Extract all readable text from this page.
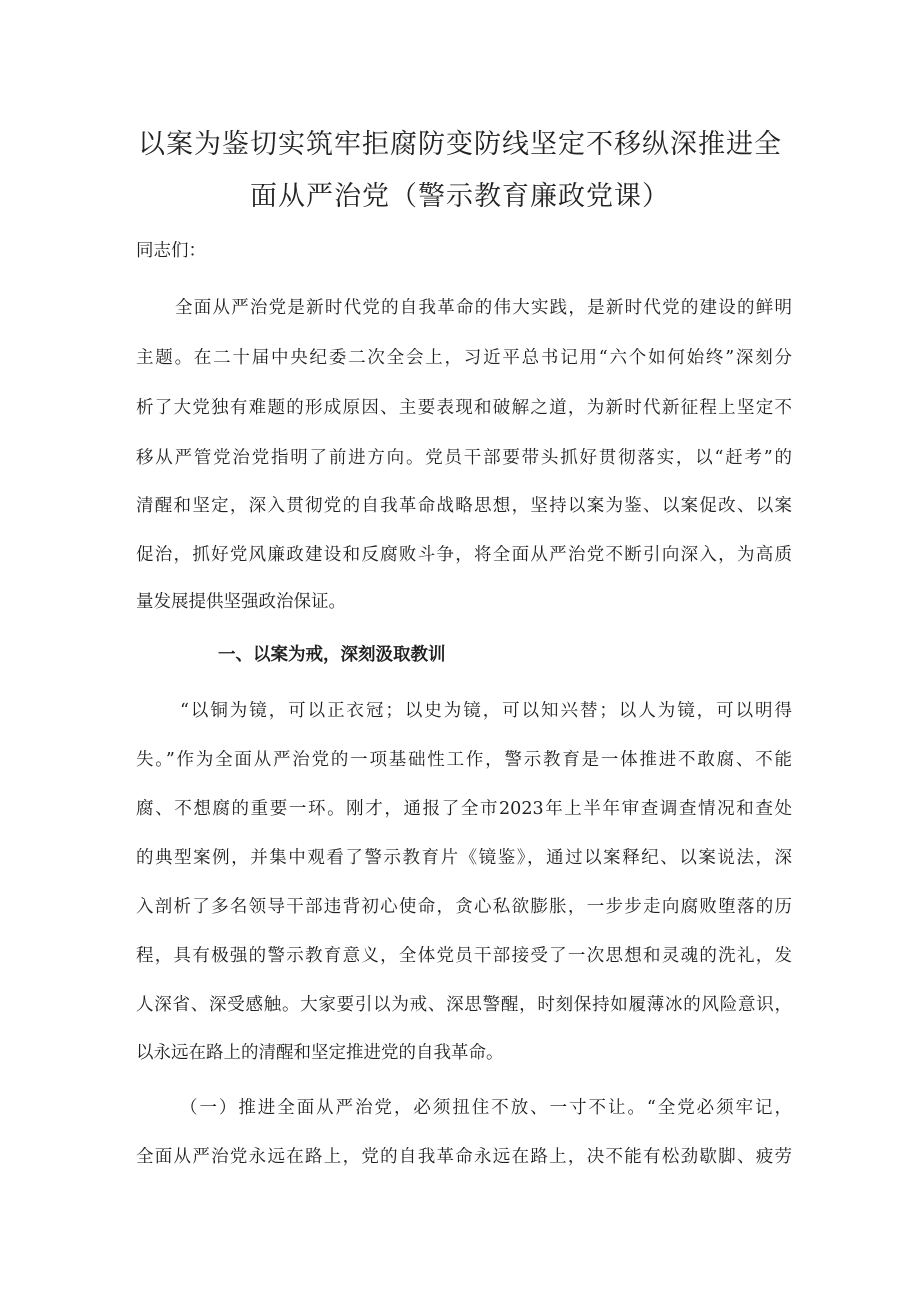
以案为鉴切实筑牢拒腐防变防线坚定不移纵深推进全
面从严治党（警示教育廉政党课）
同志们：
全面从严治党是新时代党的自我革命的伟大实践，是新时代党的建设的鲜明
主题。在二十届中央纪委二次全会上，习近平总书记用“六个如何始终”深刻分
析了大党独有难题的形成原因、主要表现和破解之道，为新时代新征程上坚定不
移从严管党治党指明了前进方向。党员干部要带头抓好贯彻落实，以“赶考”的
清醒和坚定，深入贯彻党的自我革命战略思想，坚持以案为鉴、以案促改、以案
促治，抓好党风廉政建设和反腐败斗争，将全面从严治党不断引向深入，为高质
量发展提供坚强政治保证。
一、以案为戒，深刻汲取教训
“以铜为镜，可以正衣冠；以史为镜，可以知兴替；以人为镜，可以明得
失。”作为全面从严治党的一项基础性工作，警示教育是一体推进不敢腐、不能
腐、不想腐的重要一环。刚才，通报了全市2023年上半年审查调查情况和查处
的典型案例，并集中观看了警示教育片《镜鉴》，通过以案释纪、以案说法，深
入剖析了多名领导干部违背初心使命，贪心私欲膨胀，一步步走向腐败堕落的历
程，具有极强的警示教育意义，全体党员干部接受了一次思想和灵魂的洗礼，发
人深省、深受感触。大家要引以为戒、深思警醒，时刻保持如履薄冰的风险意识，
以永远在路上的清醒和坚定推进党的自我革命。
（一）推进全面从严治党，必须扭住不放、一寸不让。“全党必须牢记，
全面从严治党永远在路上，党的自我革命永远在路上，决不能有松劲歇脚、疲劳
